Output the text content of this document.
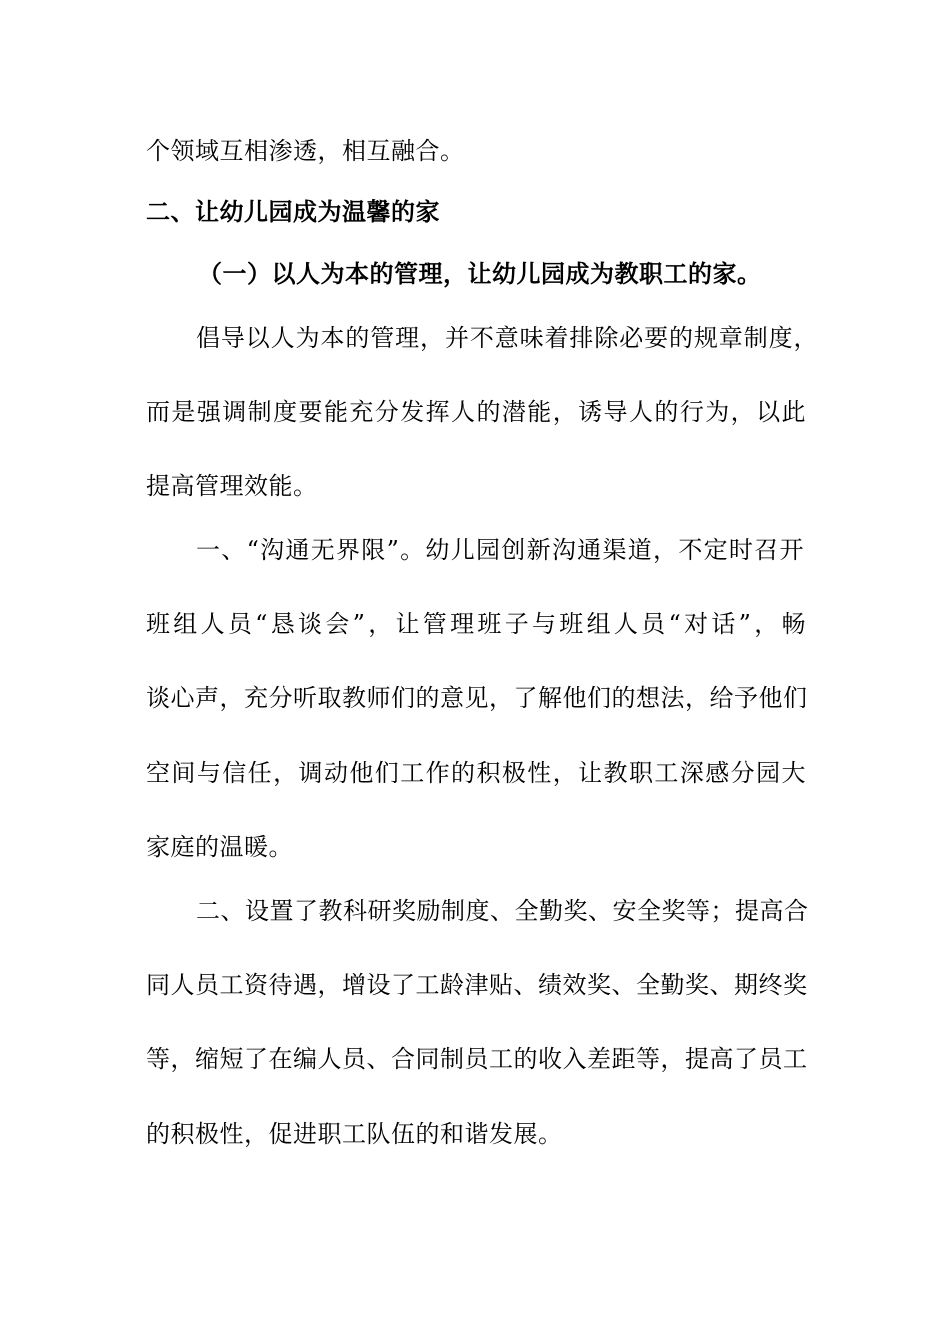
个领域互相渗透，相互融合。
二、让幼儿园成为温馨的家
（一）以人为本的管理，让幼儿园成为教职工的家。
倡导以人为本的管理，并不意味着排除必要的规章制度，
而是强调制度要能充分发挥人的潜能，诱导人的行为，以此
提高管理效能。
一、“沟通无界限”。幼儿园创新沟通渠道，不定时召开
班组人员“恳谈会”，让管理班子与班组人员“对话”，畅
谈心声，充分听取教师们的意见，了解他们的想法，给予他们
空间与信任，调动他们工作的积极性，让教职工深感分园大
家庭的温暖。
二、设置了教科研奖励制度、全勤奖、安全奖等；提高合
同人员工资待遇，增设了工龄津贴、绩效奖、全勤奖、期终奖
等，缩短了在编人员、合同制员工的收入差距等，提高了员工
的积极性，促进职工队伍的和谐发展。
